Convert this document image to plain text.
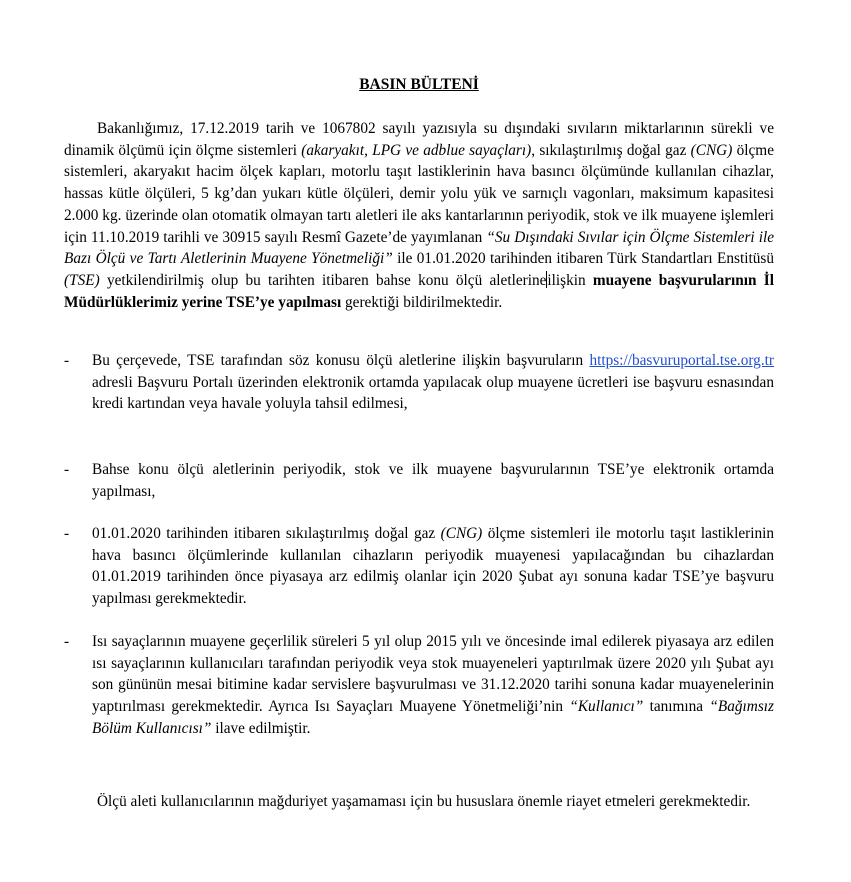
BASIN BÜLTENİ
Bakanlığımız, 17.12.2019 tarih ve 1067802 sayılı yazısıyla su dışındaki sıvıların miktarlarının sürekli ve dinamik ölçümü için ölçme sistemleri (akaryakıt, LPG ve adblue sayaçları), sıkılaştırılmış doğal gaz (CNG) ölçme sistemleri, akaryakıt hacim ölçek kapları, motorlu taşıt lastiklerinin hava basıncı ölçümünde kullanılan cihazlar, hassas kütle ölçüleri, 5 kg’dan yukarı kütle ölçüleri, demir yolu yük ve sarnıçlı vagonları, maksimum kapasitesi 2.000 kg. üzerinde olan otomatik olmayan tartı aletleri ile aks kantarlarının periyodik, stok ve ilk muayene işlemleri için 11.10.2019 tarihli ve 30915 sayılı Resmî Gazete’de yayımlanan “Su Dışındaki Sıvılar için Ölçme Sistemleri ile Bazı Ölçü ve Tartı Aletlerinin Muayene Yönetmeliği” ile 01.01.2020 tarihinden itibaren Türk Standartları Enstitüsü (TSE) yetkilendirilmiş olup bu tarihten itibaren bahse konu ölçü aletlerineilişkin muayene başvurularının İl Müdürlüklerimiz yerine TSE’ye yapılması gerektiği bildirilmektedir.
-	Bu çerçevede, TSE tarafından söz konusu ölçü aletlerine ilişkin başvuruların https://basvuruportal.tse.org.tr adresli Başvuru Portalı üzerinden elektronik ortamda yapılacak olup muayene ücretleri ise başvuru esnasından kredi kartından veya havale yoluyla tahsil edilmesi,
-	Bahse konu ölçü aletlerinin periyodik, stok ve ilk muayene başvurularının TSE’ye elektronik ortamda yapılması,
-	01.01.2020 tarihinden itibaren sıkılaştırılmış doğal gaz (CNG) ölçme sistemleri ile motorlu taşıt lastiklerinin hava basıncı ölçümlerinde kullanılan cihazların periyodik muayenesi yapılacağından bu cihazlardan 01.01.2019 tarihinden önce piyasaya arz edilmiş olanlar için 2020 Şubat ayı sonuna kadar TSE’ye başvuru yapılması gerekmektedir.
-	Isı sayaçlarının muayene geçerlilik süreleri 5 yıl olup 2015 yılı ve öncesinde imal edilerek piyasaya arz edilen ısı sayaçlarının kullanıcıları tarafından periyodik veya stok muayeneleri yaptırılmak üzere 2020 yılı Şubat ayı son gününün mesai bitimine kadar servislere başvurulması ve 31.12.2020 tarihi sonuna kadar muayenelerinin yaptırılması gerekmektedir. Ayrıca Isı Sayaçları Muayene Yönetmeliği’nin “Kullanıcı” tanımına “Bağımsız Bölüm Kullanıcısı” ilave edilmiştir.
Ölçü aleti kullanıcılarının mağduriyet yaşamaması için bu hususlara önemle riayet etmeleri gerekmektedir.
